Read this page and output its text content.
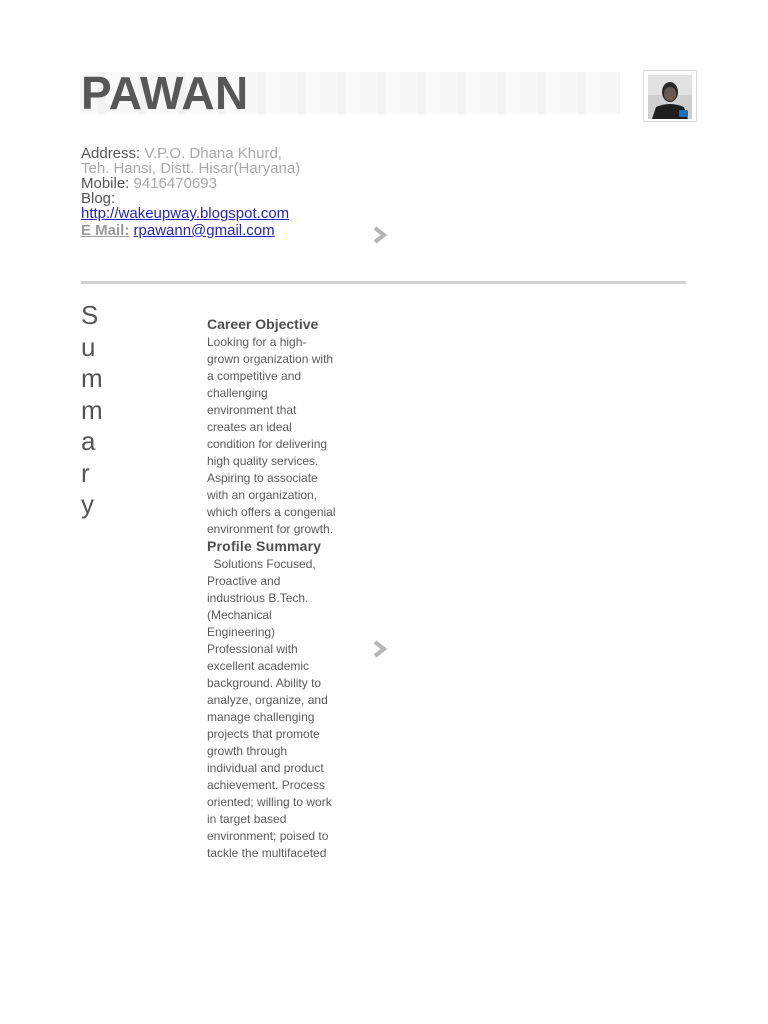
PAWAN
Address: V.P.O. Dhana Khurd,
Teh. Hansi, Distt. Hisar(Haryana)
Mobile: 9416470693
Blog:
http://wakeupway.blogspot.com
E Mail: rpawann@gmail.com
S
u
m
m
a
r
y
Career Objective

Looking for a high-grown organization with a competitive and challenging environment that creates an ideal condition for delivering high quality services. Aspiring to associate with an organization, which offers a congenial environment for growth. Profile Summary

Solutions Focused, Proactive and industrious B.Tech. (Mechanical Engineering) Professional with excellent academic background. Ability to analyze, organize, and manage challenging projects that promote growth through individual and product achievement. Process oriented; willing to work in target based environment; poised to tackle the multifaceted
